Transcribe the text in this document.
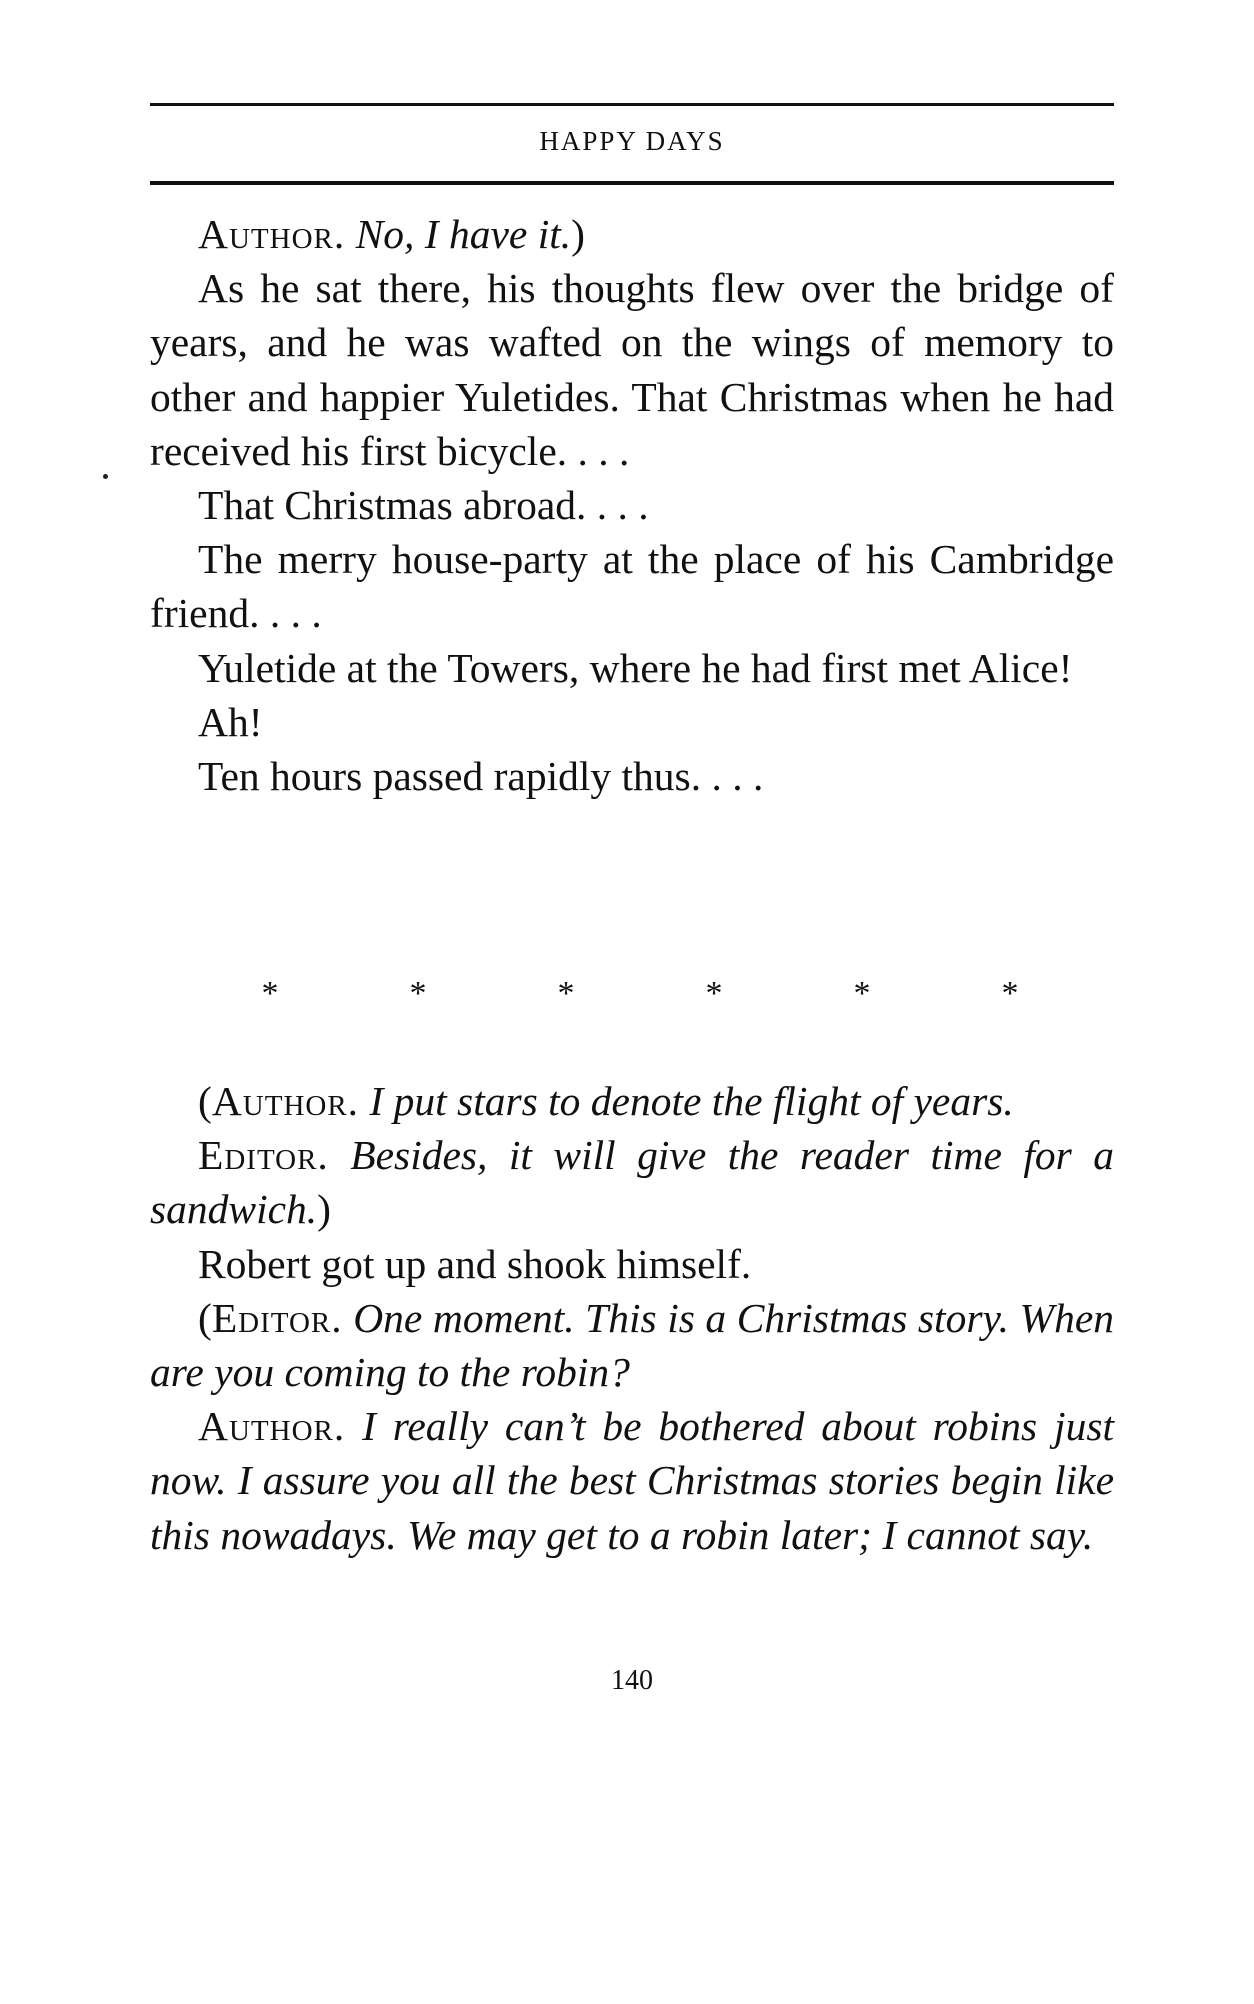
HAPPY DAYS

Author. No, I have it.)

As he sat there, his thoughts flew over the bridge of years, and he was wafted on the wings of memory to other and happier Yuletides. That Christmas when he had received his first bicycle. . . .

That Christmas abroad. . . .

The merry house-party at the place of his Cambridge friend. . . .

Yuletide at the Towers, where he had first met Alice!

Ah!

Ten hours passed rapidly thus. . . .

*	*	*	*	*	*

(Author. I put stars to denote the flight of years.

Editor. Besides, it will give the reader time for a sandwich.)

Robert got up and shook himself.

(Editor. One moment. This is a Christmas story. When are you coming to the robin?

Author. I really can’t be bothered about robins just now. I assure you all the best Christmas stories begin like this nowadays. We may get to a robin later; I cannot say.

140
